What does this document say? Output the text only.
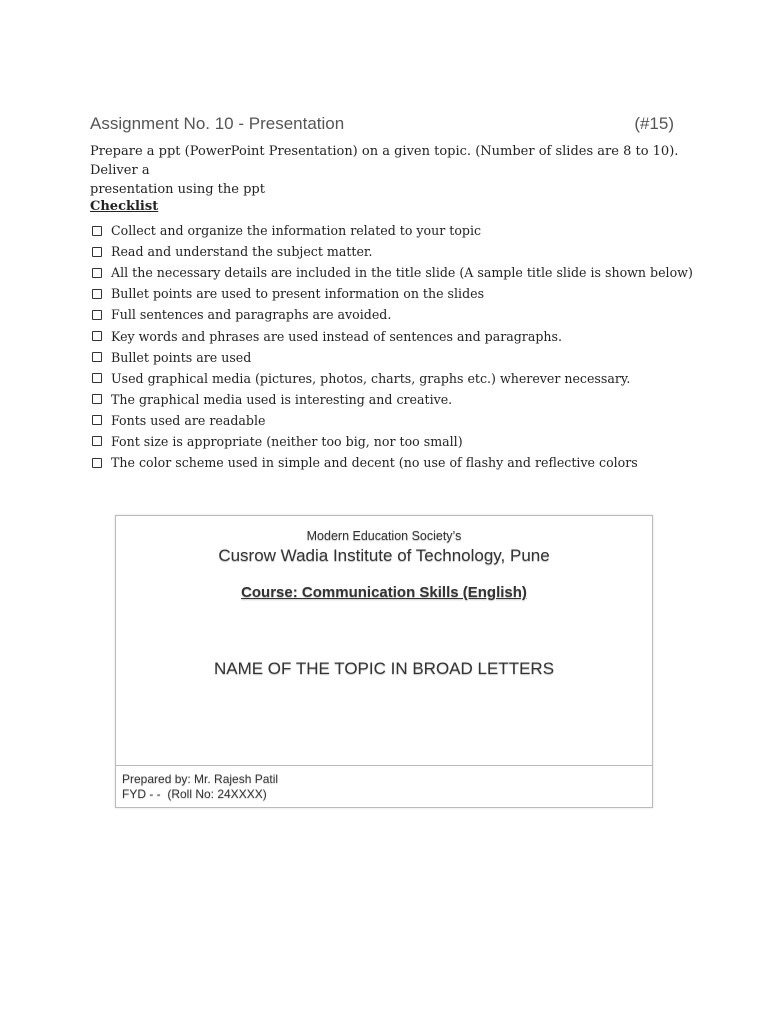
Assignment No. 10 - Presentation	(#15)
Prepare a ppt (PowerPoint Presentation) on a given topic. (Number of slides are 8 to 10). Deliver a
presentation using the ppt
Checklist
Collect and organize the information related to your topic
Read and understand the subject matter.
All the necessary details are included in the title slide (A sample title slide is shown below)
Bullet points are used to present information on the slides
Full sentences and paragraphs are avoided.
Key words and phrases are used instead of sentences and paragraphs.
Bullet points are used
Used graphical media (pictures, photos, charts, graphs etc.) wherever necessary.
The graphical media used is interesting and creative.
Fonts used are readable
Font size is appropriate (neither too big, nor too small)
The color scheme used in simple and decent (no use of flashy and reflective colors
Modern Education Society’s
Cusrow Wadia Institute of Technology, Pune
Course: Communication Skills (English)
NAME OF THE TOPIC IN BROAD LETTERS
Prepared by: Mr. Rajesh Patil
FYD - -  (Roll No: 24XXXX)
